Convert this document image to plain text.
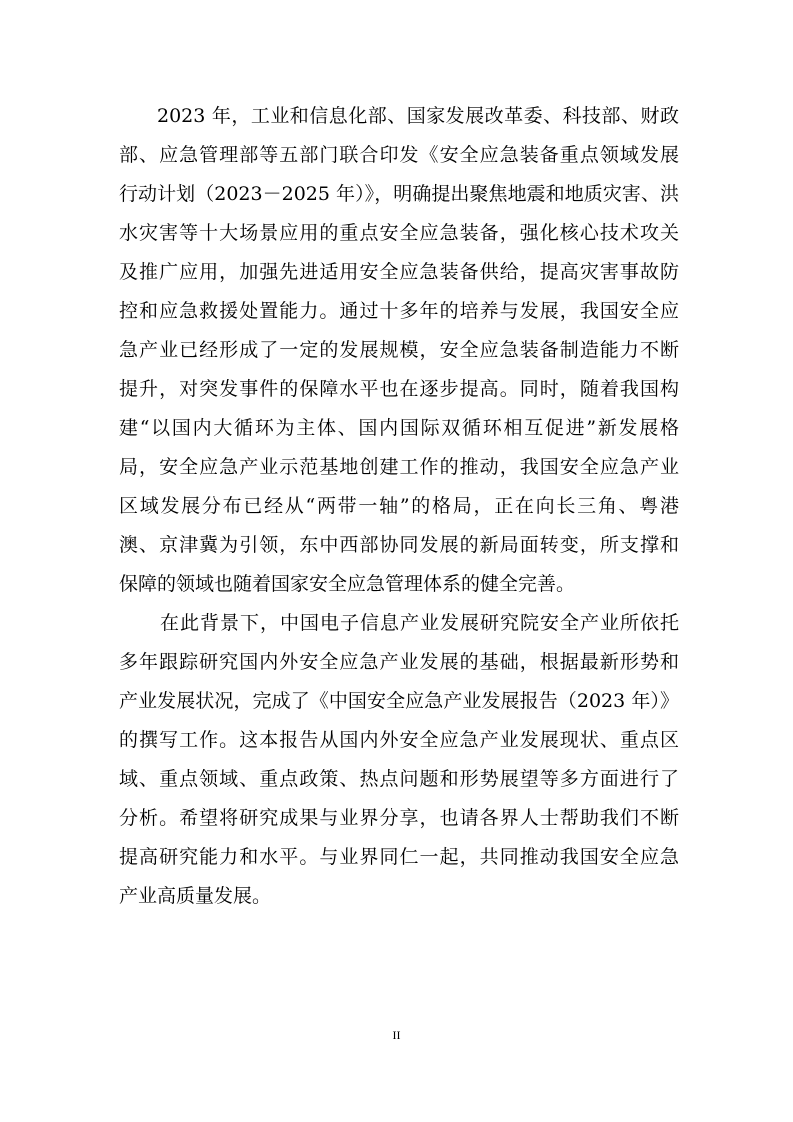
2023 年，工业和信息化部、国家发展改革委、科技部、财政
部、应急管理部等五部门联合印发《安全应急装备重点领域发展
行动计划（2023－2025 年）》，明确提出聚焦地震和地质灾害、洪
水灾害等十大场景应用的重点安全应急装备，强化核心技术攻关
及推广应用，加强先进适用安全应急装备供给，提高灾害事故防
控和应急救援处置能力。通过十多年的培养与发展，我国安全应
急产业已经形成了一定的发展规模，安全应急装备制造能力不断
提升，对突发事件的保障水平也在逐步提高。同时，随着我国构
建“以国内大循环为主体、国内国际双循环相互促进”新发展格
局，安全应急产业示范基地创建工作的推动，我国安全应急产业
区域发展分布已经从“两带一轴”的格局，正在向长三角、粤港
澳、京津冀为引领，东中西部协同发展的新局面转变，所支撑和
保障的领域也随着国家安全应急管理体系的健全完善。
在此背景下，中国电子信息产业发展研究院安全产业所依托
多年跟踪研究国内外安全应急产业发展的基础，根据最新形势和
产业发展状况，完成了《中国安全应急产业发展报告（2023 年）》
的撰写工作。这本报告从国内外安全应急产业发展现状、重点区
域、重点领域、重点政策、热点问题和形势展望等多方面进行了
分析。希望将研究成果与业界分享，也请各界人士帮助我们不断
提高研究能力和水平。与业界同仁一起，共同推动我国安全应急
产业高质量发展。
II
